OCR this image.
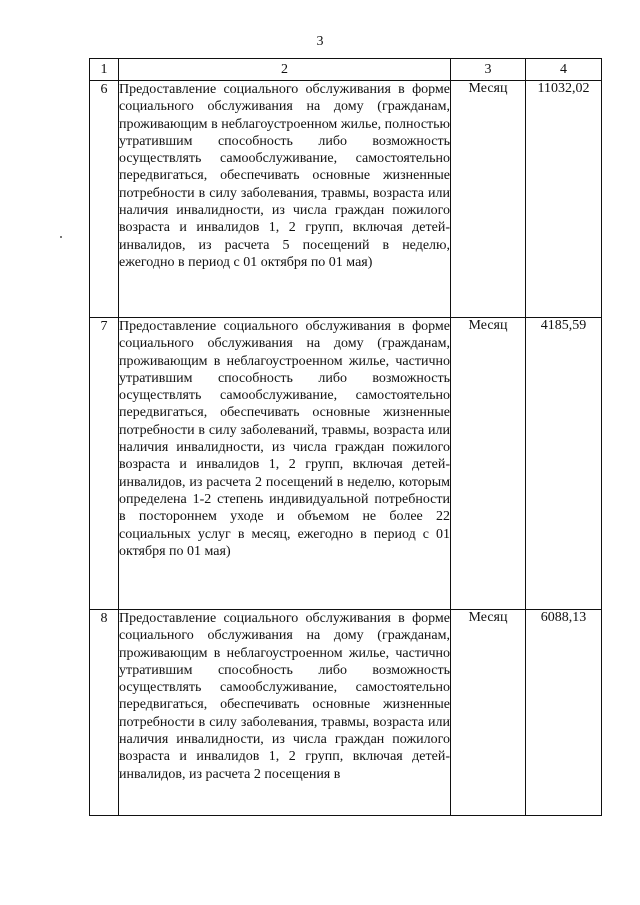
3
1	2	3	4
6	Предоставление социального обслуживания в форме социального обслуживания на дому (гражданам, проживающим в неблагоустроенном жилье, полностью утратившим способность либо возможность осуществлять самообслуживание, самостоятельно передвигаться, обеспечивать основные жизненные потребности в силу заболевания, травмы, возраста или наличия инвалидности, из числа граждан пожилого возраста и инвалидов 1, 2 групп, включая детей-инвалидов, из расчета 5 посещений в неделю, ежегодно в период с 01 октября по 01 мая)	Месяц	11032,02
7	Предоставление социального обслуживания в форме социального обслуживания на дому (гражданам, проживающим в неблагоустроенном жилье, частично утратившим способность либо возможность осуществлять самообслуживание, самостоятельно передвигаться, обеспечивать основные жизненные потребности в силу заболеваний, травмы, возраста или наличия инвалидности, из числа граждан пожилого возраста и инвалидов 1, 2 групп, включая детей-инвалидов, из расчета 2 посещений в неделю, которым определена 1-2 степень индивидуальной потребности в постороннем уходе и объемом не более 22 социальных услуг в месяц, ежегодно в период с 01 октября по 01 мая)	Месяц	4185,59
8	Предоставление социального обслуживания в форме социального обслуживания на дому (гражданам, проживающим в неблагоустроенном жилье, частично утратившим способность либо возможность осуществлять самообслуживание, самостоятельно передвигаться, обеспечивать основные жизненные потребности в силу заболевания, травмы, возраста или наличия инвалидности, из числа граждан пожилого возраста и инвалидов 1, 2 групп, включая детей-инвалидов, из расчета 2 посещения в	Месяц	6088,13
